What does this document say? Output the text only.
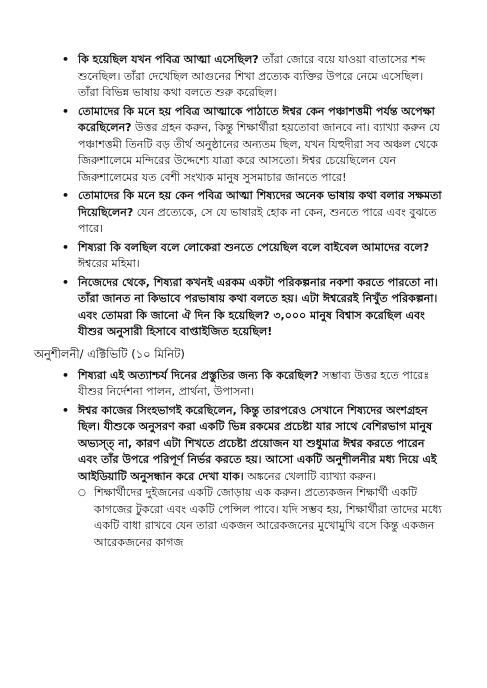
• কি হয়েছিল যখন পবিত্র আত্মা এসেছিল? তাঁরা জোরে বয়ে যাওয়া বাতাসের শব্দ শুনেছিল। তাঁরা দেখেছিল আগুনের শিখা প্রত্যেক ব্যক্তির উপরে নেমে এসেছিল। তাঁরা বিভিন্ন ভাষায় কথা বলতে শুরু করেছিল।
• তোমাদের কি মনে হয় পবিত্র আত্মাকে পাঠাতে ঈশ্বর কেন পঞ্চাশত্তমী পর্যন্ত অপেক্ষা করেছিলেন? উত্তর গ্রহন করুন, কিন্তু শিক্ষার্থীরা হয়তোবা জানবে না। ব্যাখ্যা করুন যে পঞ্চাশত্তমী তিনটি বড় তীর্থ অনুষ্ঠানের অন্যতম ছিল, যখন যিহুদীরা সব অঞ্চল থেকে জিরুশালেমে মন্দিরের উদ্দেশ্যে যাত্রা করে আসতো। ঈশ্বর চেয়েছিলেন যেন জিরুশালেমের যত বেশী সংখ্যক মানুষ সুসমাচার জানতে পারে!
• তোমাদের কি মনে হয় কেন পবিত্র আত্মা শিষ্যদের অনেক ভাষায় কথা বলার সক্ষমতা দিয়েছিলেন? যেন প্রত্যেকে, সে যে ভাষারই হোক না কেন, শুনতে পারে এবং বুঝতে পারে।
• শিষ্যরা কি বলছিল বলে লোকেরা শুনতে পেয়েছিল বলে বাইবেল আমাদের বলে? ঈশ্বরের মহিমা।
• নিজেদের থেকে, শিষ্যরা কখনই এরকম একটা পরিকল্পনার নকশা করতে পারতো না। তাঁরা জানত না কিভাবে পরভাষায় কথা বলতে হয়। এটা ঈশ্বরেরই নিখুঁত পরিকল্পনা। এবং তোমরা কি জানো ঐ দিন কি হয়েছিল? ৩,০০০ মানুষ বিশ্বাস করেছিল এবং যীশুর অনুসারী হিসাবে বাপ্তাইজিত হয়েছিল!
অনুশীলনী/ এক্টিভিটি (১০ মিনিট)
• শিষ্যরা এই অত্যাশ্চর্য দিনের প্রস্তুতির জন্য কি করেছিল? সম্ভাব্য উত্তর হতে পারেঃ যীশুর নির্দেশনা পালন, প্রার্থনা, উপাসনা।
• ঈশ্বর কাজের সিংহভাগই করেছিলেন, কিন্তু তারপরেও সেখানে শিষ্যদের অংশগ্রহন ছিল। যীশুকে অনুসরণ করা একটি ভিন্ন রকমের প্রচেষ্টা যার সাথে বেশিরভাগ মানুষ অভ্যস্ত্ না, কারণ এটা শিখতে প্রচেষ্টা প্রয়োজন যা শুধুমাত্র ঈশ্বর করতে পারেন এবং তাঁর উপরে পরিপূর্ণ নির্ভর করতে হয়। আসো একটি অনুশীলনীর মধ্য দিয়ে এই আইডিয়াটি অনুসন্ধান করে দেখা যাক। অঙ্কনের খেলাটি ব্যাখ্যা করুন।
○ শিক্ষার্থীদের দুইজনের একটি জোড়ায় এক করুন। প্রত্যেকজন শিক্ষার্থী একটি কাগজের টুকরো এবং একটি পেন্সিল পাবে। যদি সম্ভব হয়, শিক্ষার্থীরা তাদের মধ্যে একটি বাধা রাখবে যেন তারা একজন আরেকজনের মুখোমুখি বসে কিন্তু একজন আরেকজনের কাগজ
